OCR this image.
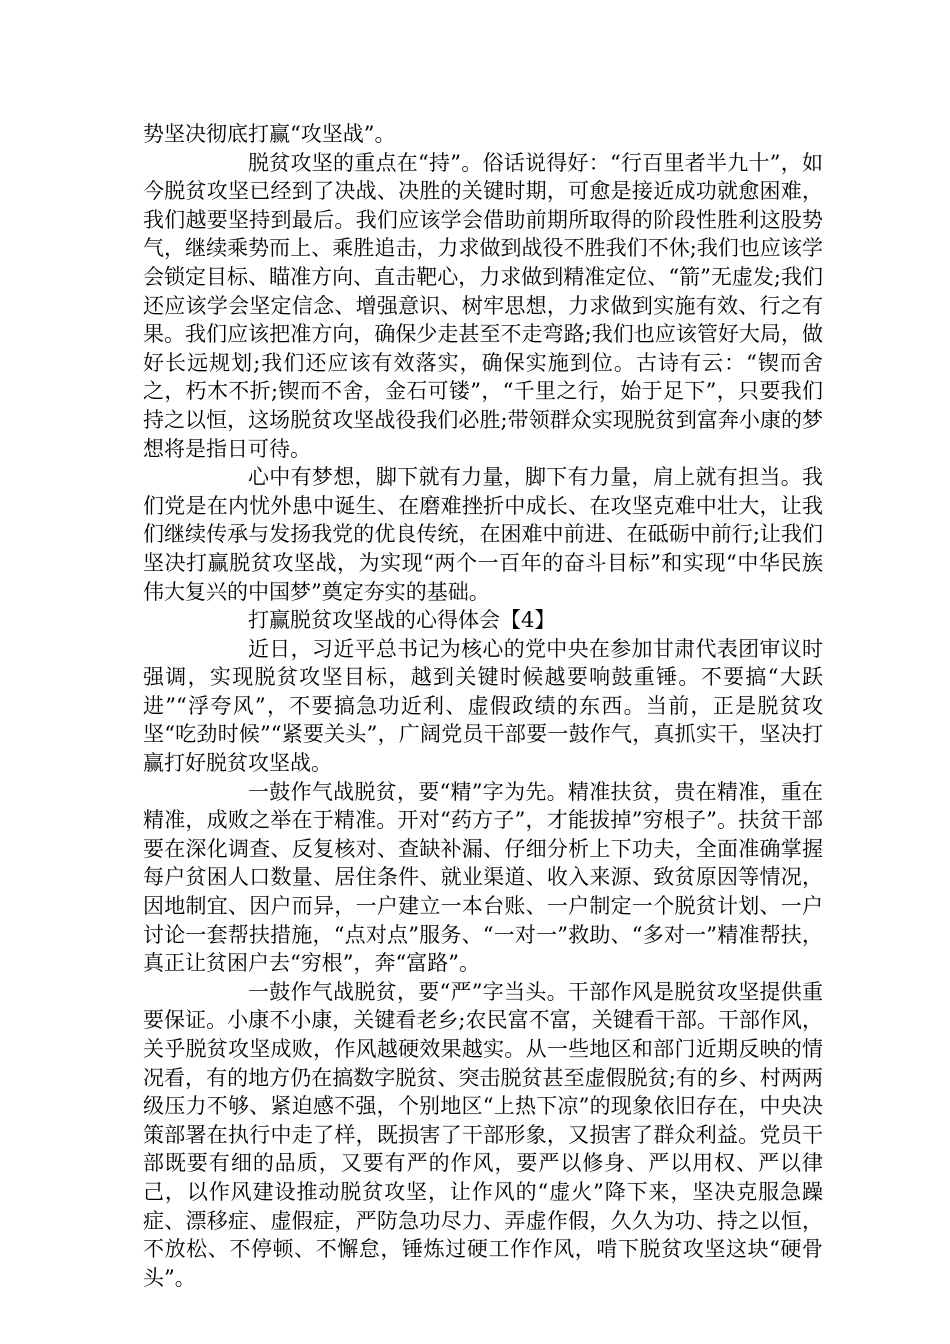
势坚决彻底打赢“攻坚战”。

脱贫攻坚的重点在“持”。俗话说得好：“行百里者半九十”，如今脱贫攻坚已经到了决战、决胜的关键时期，可愈是接近成功就愈困难，我们越要坚持到最后。我们应该学会借助前期所取得的阶段性胜利这股势气，继续乘势而上、乘胜追击，力求做到战役不胜我们不休;我们也应该学会锁定目标、瞄准方向、直击靶心，力求做到精准定位、“箭”无虚发;我们还应该学会坚定信念、增强意识、树牢思想，力求做到实施有效、行之有果。我们应该把准方向，确保少走甚至不走弯路;我们也应该管好大局，做好长远规划;我们还应该有效落实，确保实施到位。古诗有云：“锲而舍之，朽木不折;锲而不舍，金石可镂”，“千里之行，始于足下”，只要我们持之以恒，这场脱贫攻坚战役我们必胜;带领群众实现脱贫到富奔小康的梦想将是指日可待。

心中有梦想，脚下就有力量，脚下有力量，肩上就有担当。我们党是在内忧外患中诞生、在磨难挫折中成长、在攻坚克难中壮大，让我们继续传承与发扬我党的优良传统，在困难中前进、在砥砺中前行;让我们坚决打赢脱贫攻坚战，为实现“两个一百年的奋斗目标”和实现“中华民族伟大复兴的中国梦”奠定夯实的基础。

打赢脱贫攻坚战的心得体会【4】

近日，习近平总书记为核心的党中央在参加甘肃代表团审议时强调，实现脱贫攻坚目标，越到关键时候越要响鼓重锤。不要搞“大跃进”“浮夸风”，不要搞急功近利、虚假政绩的东西。当前，正是脱贫攻坚“吃劲时候”“紧要关头”，广阔党员干部要一鼓作气，真抓实干，坚决打赢打好脱贫攻坚战。

一鼓作气战脱贫，要“精”字为先。精准扶贫，贵在精准，重在精准，成败之举在于精准。开对“药方子”，才能拔掉”穷根子”。扶贫干部要在深化调查、反复核对、查缺补漏、仔细分析上下功夫，全面准确掌握每户贫困人口数量、居住条件、就业渠道、收入来源、致贫原因等情况，因地制宜、因户而异，一户建立一本台账、一户制定一个脱贫计划、一户讨论一套帮扶措施，“点对点”服务、“一对一”救助、“多对一”精准帮扶，真正让贫困户去“穷根”，奔“富路”。

一鼓作气战脱贫，要“严”字当头。干部作风是脱贫攻坚提供重要保证。小康不小康，关键看老乡;农民富不富，关键看干部。干部作风，关乎脱贫攻坚成败，作风越硬效果越实。从一些地区和部门近期反映的情况看，有的地方仍在搞数字脱贫、突击脱贫甚至虚假脱贫;有的乡、村两两级压力不够、紧迫感不强，个别地区“上热下凉”的现象依旧存在，中央决策部署在执行中走了样，既损害了干部形象，又损害了群众利益。党员干部既要有细的品质，又要有严的作风，要严以修身、严以用权、严以律己，以作风建设推动脱贫攻坚，让作风的“虚火”降下来，坚决克服急躁症、漂移症、虚假症，严防急功尽力、弄虚作假，久久为功、持之以恒，不放松、不停顿、不懈怠，锤炼过硬工作作风，啃下脱贫攻坚这块“硬骨头”。
